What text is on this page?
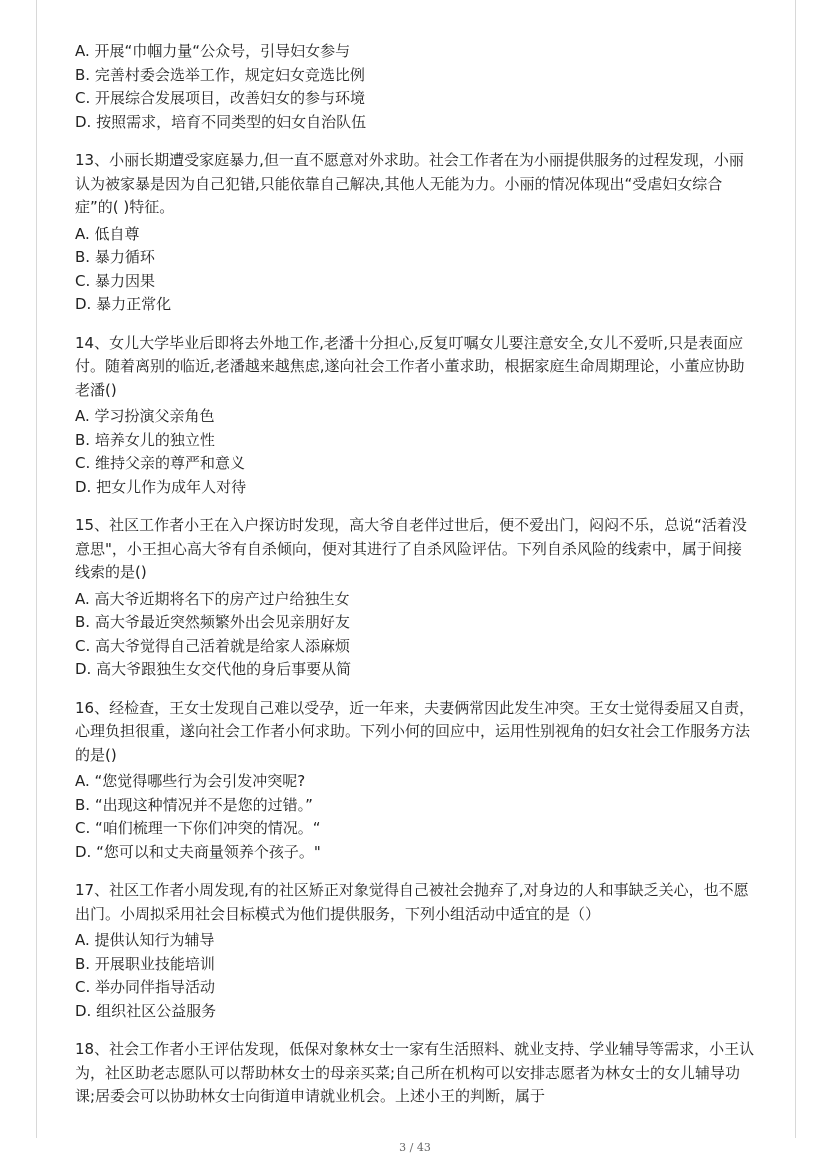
A. 开展“巾帼力量“公众号，引导妇女参与
B. 完善村委会选举工作，规定妇女竞选比例
C. 开展综合发展项目，改善妇女的参与环境
D. 按照需求，培育不同类型的妇女自治队伍
13、小丽长期遭受家庭暴力,但一直不愿意对外求助。社会工作者在为小丽提供服务的过程发现，小丽认为被家暴是因为自己犯错,只能依靠自己解决,其他人无能为力。小丽的情况体现出“受虐妇女综合症”的( )特征。
A. 低自尊
B. 暴力循环
C. 暴力因果
D. 暴力正常化
14、女儿大学毕业后即将去外地工作,老潘十分担心,反复叮嘱女儿要注意安全,女儿不爱听,只是表面应付。随着离别的临近,老潘越来越焦虑,遂向社会工作者小董求助，根据家庭生命周期理论，小董应协助老潘()
A. 学习扮演父亲角色
B. 培养女儿的独立性
C. 维持父亲的尊严和意义
D. 把女儿作为成年人对待
15、社区工作者小王在入户探访时发现，高大爷自老伴过世后，便不爱出门，闷闷不乐，总说“活着没意思"，小王担心高大爷有自杀倾向，便对其进行了自杀风险评估。下列自杀风险的线索中，属于间接线索的是()
A. 高大爷近期将名下的房产过户给独生女
B. 高大爷最近突然频繁外出会见亲朋好友
C. 高大爷觉得自己活着就是给家人添麻烦
D. 高大爷跟独生女交代他的身后事要从简
16、经检查，王女士发现自己难以受孕，近一年来，夫妻俩常因此发生冲突。王女士觉得委屈又自责，心理负担很重，遂向社会工作者小何求助。下列小何的回应中，运用性别视角的妇女社会工作服务方法的是()
A. “您觉得哪些行为会引发冲突呢?
B. “出现这种情况并不是您的过错。”
C. “咱们梳理一下你们冲突的情况。“
D. “您可以和丈夫商量领养个孩子。"
17、社区工作者小周发现,有的社区矫正对象觉得自己被社会抛弃了,对身边的人和事缺乏关心，也不愿出门。小周拟采用社会目标模式为他们提供服务，下列小组活动中适宜的是（）
A. 提供认知行为辅导
B. 开展职业技能培训
C. 举办同伴指导活动
D. 组织社区公益服务
18、社会工作者小王评估发现，低保对象林女士一家有生活照料、就业支持、学业辅导等需求，小王认为，社区助老志愿队可以帮助林女士的母亲买菜;自己所在机构可以安排志愿者为林女士的女儿辅导功课;居委会可以协助林女士向街道申请就业机会。上述小王的判断，属于
3 / 43
